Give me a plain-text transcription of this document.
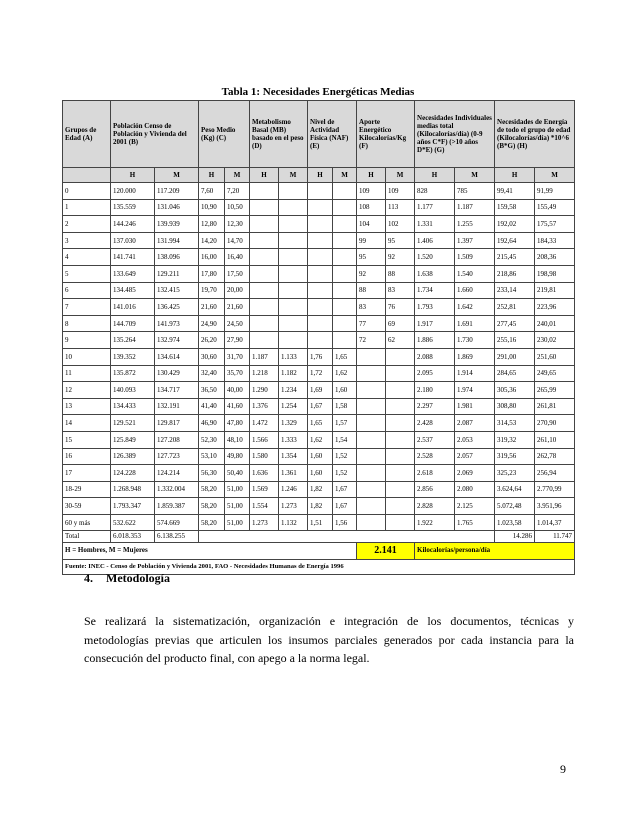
Tabla 1: Necesidades Energéticas Medias
Grupos de Edad (A)	Población Censo de Población y Vivienda del 2001 (B)		Peso Medio (Kg) (C)		Metabolismo Basal (MB) basado en el peso (D)		Nivel de Actividad Física (NAF) (E)		Aporte Energético Kilocalorías/Kg (F)		Necesidades Individuales medias total (Kilocalorías/día) (0-9 años C*F) (>10 años D*E) (G)		Necesidades de Energía de todo el grupo de edad (Kilocalorías/día) *10^6 (B*G) (H)	
	H	M	H	M	H	M	H	M	H	M	H	M	H	M
0	120.000	117.209	7,60	7,20					109	109	828	785	99,41	91,99
1	135.559	131.046	10,90	10,50					108	113	1.177	1.187	159,58	155,49
2	144.246	139.939	12,80	12,30					104	102	1.331	1.255	192,02	175,57
3	137.030	131.994	14,20	14,70					99	95	1.406	1.397	192,64	184,33
4	141.741	138.096	16,00	16,40					95	92	1.520	1.509	215,45	208,36
5	133.649	129.211	17,80	17,50					92	88	1.638	1.540	218,86	198,98
6	134.485	132.415	19,70	20,00					88	83	1.734	1.660	233,14	219,81
7	141.016	136.425	21,60	21,60					83	76	1.793	1.642	252,81	223,96
8	144.709	141.973	24,90	24,50					77	69	1.917	1.691	277,45	240,01
9	135.264	132.974	26,20	27,90					72	62	1.886	1.730	255,16	230,02
10	139.352	134.614	30,60	31,70	1.187	1.133	1,76	1,65			2.088	1.869	291,00	251,60
11	135.872	130.429	32,40	35,70	1.218	1.182	1,72	1,62			2.095	1.914	284,65	249,65
12	140.093	134.717	36,50	40,00	1.290	1.234	1,69	1,60			2.180	1.974	305,36	265,99
13	134.433	132.191	41,40	41,60	1.376	1.254	1,67	1,58			2.297	1.981	308,80	261,81
14	129.521	129.817	46,90	47,80	1.472	1.329	1,65	1,57			2.428	2.087	314,53	270,90
15	125.849	127.208	52,30	48,10	1.566	1.333	1,62	1,54			2.537	2.053	319,32	261,10
16	126.389	127.723	53,10	49,80	1.580	1.354	1,60	1,52			2.528	2.057	319,56	262,78
17	124.228	124.214	56,30	50,40	1.636	1.361	1,60	1,52			2.618	2.069	325,23	256,94
18-29	1.268.948	1.332.004	58,20	51,00	1.569	1.246	1,82	1,67			2.856	2.080	3.624,64	2.770,99
30-59	1.793.347	1.859.387	58,20	51,00	1.554	1.273	1,82	1,67			2.828	2.125	5.072,48	3.951,96
60 y más	532.622	574.669	58,20	51,00	1.273	1.132	1,51	1,56			1.922	1.765	1.023,58	1.014,37
Total	6.018.353	6.138.255											14.286	11.747
H = Hombres, M = Mujeres									2.141		Kilocalorías/persona/día			
Fuente: INEC - Censo de Población y Vivienda 2001, FAO - Necesidades Humanas de Energía 1996														
4. Metodología
Se realizará la sistematización, organización e integración de los documentos, técnicas y metodologías previas que articulen los insumos parciales generados por cada instancia para la consecución del producto final, con apego a la norma legal.
9
